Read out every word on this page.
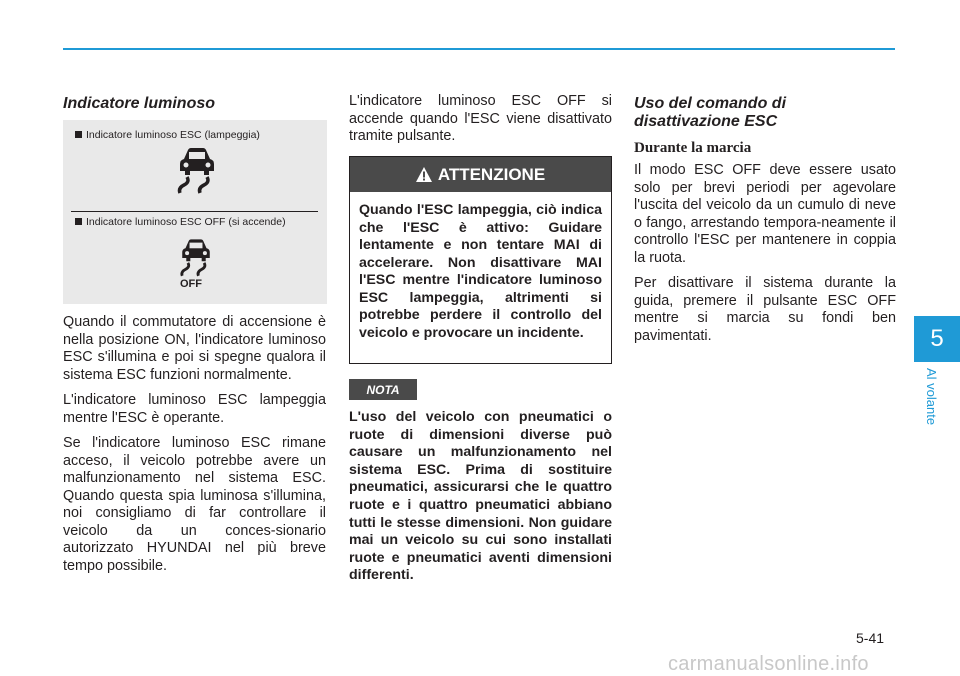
Indicatore luminoso
Indicatore luminoso ESC (lampeggia)
Indicatore luminoso ESC OFF (si accende)
OFF

Quando il commutatore di accensione è nella posizione ON, l'indicatore luminoso ESC s'illumina e poi si spegne qualora il sistema ESC funzioni normalmente.

L'indicatore luminoso ESC lampeggia mentre l'ESC è operante.

Se l'indicatore luminoso ESC rimane acceso, il veicolo potrebbe avere un malfunzionamento nel sistema ESC. Quando questa spia luminosa s'illumina, noi consigliamo di far controllare il veicolo da un conces-sionario autorizzato HYUNDAI nel più breve tempo possibile.

L'indicatore luminoso ESC OFF si accende quando l'ESC viene disattivato tramite pulsante.

ATTENZIONE
Quando l'ESC lampeggia, ciò indica che l'ESC è attivo: Guidare lentamente e non tentare MAI di accelerare. Non disattivare MAI l'ESC mentre l'indicatore luminoso ESC lampeggia, altrimenti si potrebbe perdere il controllo del veicolo e provocare un incidente.
NOTA
L'uso del veicolo con pneumatici o ruote di dimensioni diverse può causare un malfunzionamento nel sistema ESC. Prima di sostituire pneumatici, assicurarsi che le quattro ruote e i quattro pneumatici abbiano tutti le stesse dimensioni. Non guidare mai un veicolo su cui sono installati ruote e pneumatici aventi dimensioni differenti.
Uso del comando di
disattivazione ESC
Durante la marcia

Il modo ESC OFF deve essere usato solo per brevi periodi per agevolare l'uscita del veicolo da un cumulo di neve o fango, arrestando tempora-neamente il controllo l'ESC per mantenere in coppia la ruota.

Per disattivare il sistema durante la guida, premere il pulsante ESC OFF mentre si marcia su fondi ben pavimentati.	5
Al volante
5-41
carmanualsonline.info
